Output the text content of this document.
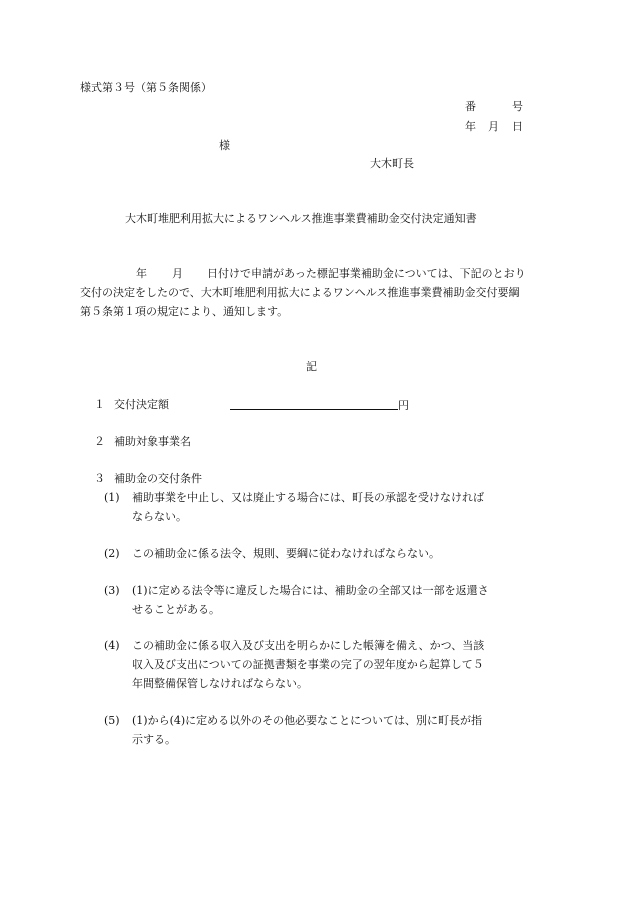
様式第３号（第５条関係）
番	号
年 月 日
様
大木町長
大木町堆肥利用拡大によるワンヘルス推進事業費補助金交付決定通知書
年 月 日付けで申請があった標記事業補助金については、下記のとおり
交付の決定をしたので、大木町堆肥利用拡大によるワンヘルス推進事業費補助金交付要綱
第５条第１項の規定により、通知します。
記
１ 交付決定額	円
２ 補助対象事業名
３ 補助金の交付条件
(1) 補助事業を中止し、又は廃止する場合には、町長の承認を受けなければ
ならない。
(2) この補助金に係る法令、規則、要綱に従わなければならない。
(3) (1)に定める法令等に違反した場合には、補助金の全部又は一部を返還さ
せることがある。
(4) この補助金に係る収入及び支出を明らかにした帳簿を備え、かつ、当該
収入及び支出についての証拠書類を事業の完了の翌年度から起算して５
年間整備保管しなければならない。
(5) (1)から(4)に定める以外のその他必要なことについては、別に町長が指
示する。
